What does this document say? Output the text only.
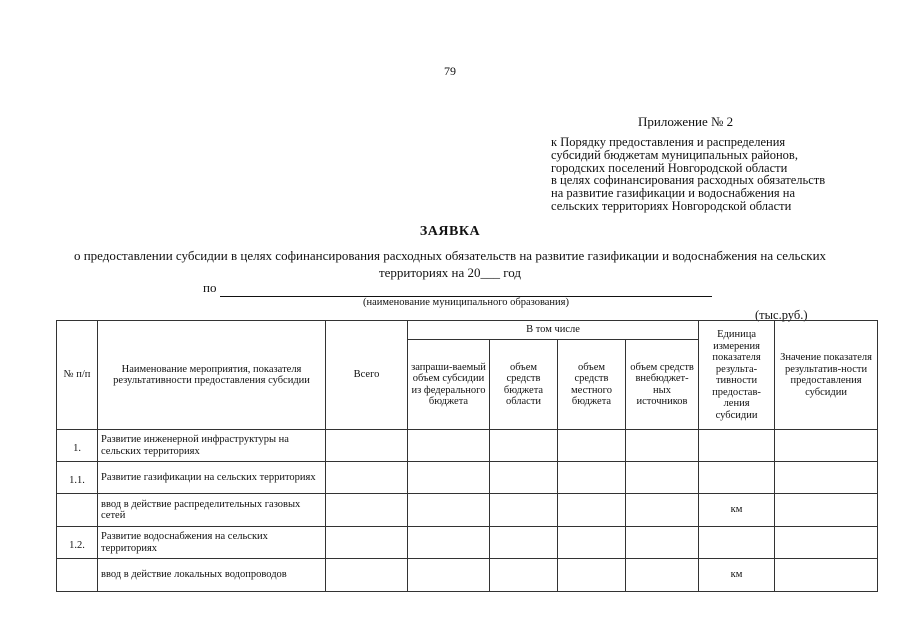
79
Приложение № 2
к Порядку предоставления и распределения
субсидий бюджетам муниципальных районов,
городских поселений Новгородской области
в целях софинансирования расходных обязательств
на развитие газификации и водоснабжения на
сельских территориях Новгородской области
ЗАЯВКА
о предоставлении субсидии в целях софинансирования расходных обязательств на развитие газификации и водоснабжения на сельских территориях на 20___ год
по
(наименование муниципального образования)
(тыс.руб.)
№ п/п	Наименование мероприятия, показателя результативности предоставления субсидии	Всего	В том числе				Единица измерения показателя результа-тивности предостав-ления субсидии	Значение показателя результатив-ности предоставления субсидии
			запраши-ваемый объем субсидии из федерального бюджета	объем средств бюджета области	объем средств местного бюджета	объем средств внебюджет-ных источников		
1.	Развитие инженерной инфраструктуры на сельских территориях							
1.1.	Развитие газификации на сельских территориях							
	ввод в действие распределительных газовых сетей						км	
1.2.	Развитие водоснабжения на сельских территориях							
	ввод в действие локальных водопроводов						км	
